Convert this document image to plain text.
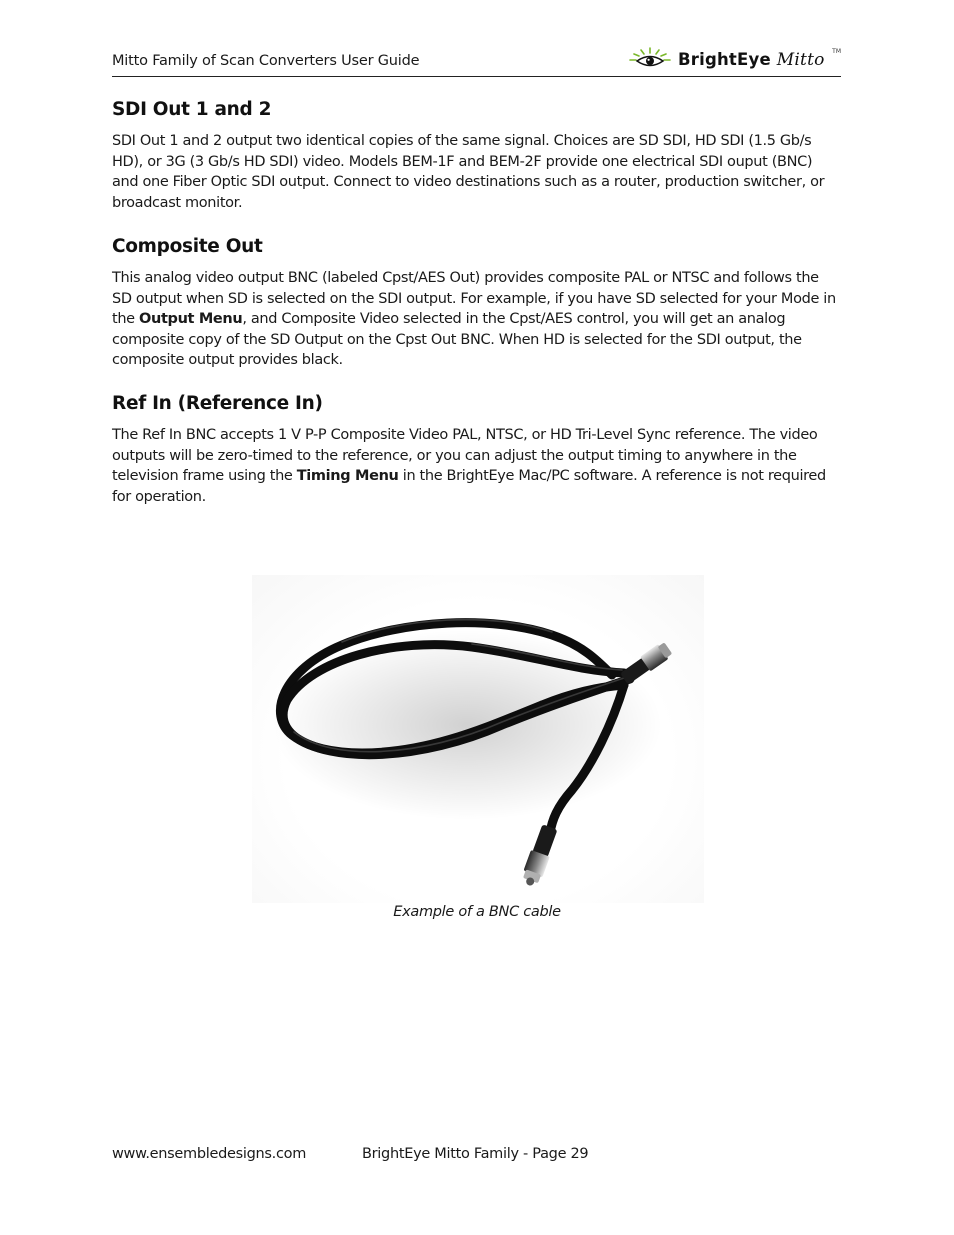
Mitto Family of Scan Converters User Guide	BrightEye Mitto TM
SDI Out 1 and 2

SDI Out 1 and 2 output two identical copies of the same signal. Choices are SD SDI, HD SDI (1.5 Gb/s HD), or 3G (3 Gb/s HD SDI) video. Models BEM-1F and BEM-2F provide one electrical SDI ouput (BNC) and one Fiber Optic SDI output. Connect to video destinations such as a router, production switcher, or broadcast monitor.

Composite Out

This analog video output BNC (labeled Cpst/AES Out) provides composite PAL or NTSC and follows the SD output when SD is selected on the SDI output. For example, if you have SD selected for your Mode in the Output Menu, and Composite Video selected in the Cpst/AES control, you will get an analog composite copy of the SD Output on the Cpst Out BNC. When HD is selected for the SDI output, the composite output provides black.

Ref In (Reference In)

The Ref In BNC accepts 1 V P-P Composite Video PAL, NTSC, or HD Tri-Level Sync reference. The video outputs will be zero-timed to the reference, or you can adjust the output timing to anywhere in the television frame using the Timing Menu in the BrightEye Mac/PC software. A reference is not required for operation.

Example of a BNC cable
www.ensembledesigns.com	BrightEye Mitto Family - Page 29
